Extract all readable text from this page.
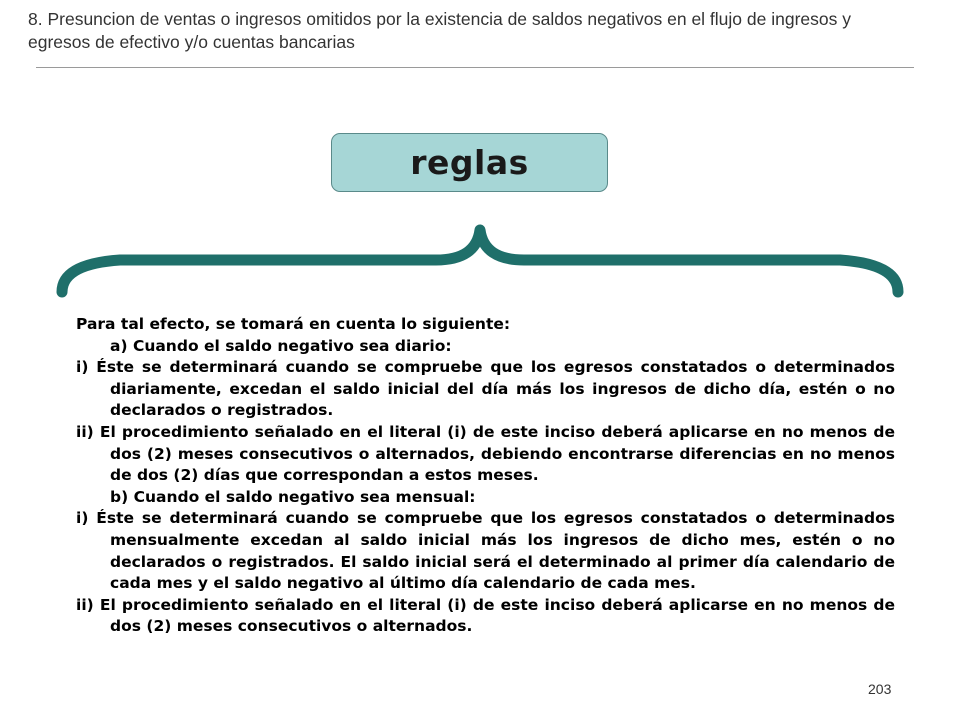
8. Presuncion de ventas o ingresos omitidos por la existencia de saldos negativos en el flujo de ingresos y egresos de efectivo y/o cuentas bancarias
reglas

Para tal efecto, se tomará en cuenta lo siguiente:

a) Cuando el saldo negativo sea diario:

i) Éste se determinará cuando se compruebe que los egresos constatados o determinados diariamente, excedan el saldo inicial del día más los ingresos de dicho día, estén o no declarados o registrados.

ii) El procedimiento señalado en el literal (i) de este inciso deberá aplicarse en no menos de dos (2) meses consecutivos o alternados, debiendo encontrarse diferencias en no menos de dos (2) días que correspondan a estos meses.

b) Cuando el saldo negativo sea mensual:

i) Éste se determinará cuando se compruebe que los egresos constatados o determinados mensualmente excedan al saldo inicial más los ingresos de dicho mes, estén o no declarados o registrados. El saldo inicial será el determinado al primer día calendario de cada mes y el saldo negativo al último día calendario de cada mes.

ii) El procedimiento señalado en el literal (i) de este inciso deberá aplicarse en no menos de dos (2) meses consecutivos o alternados.

203
